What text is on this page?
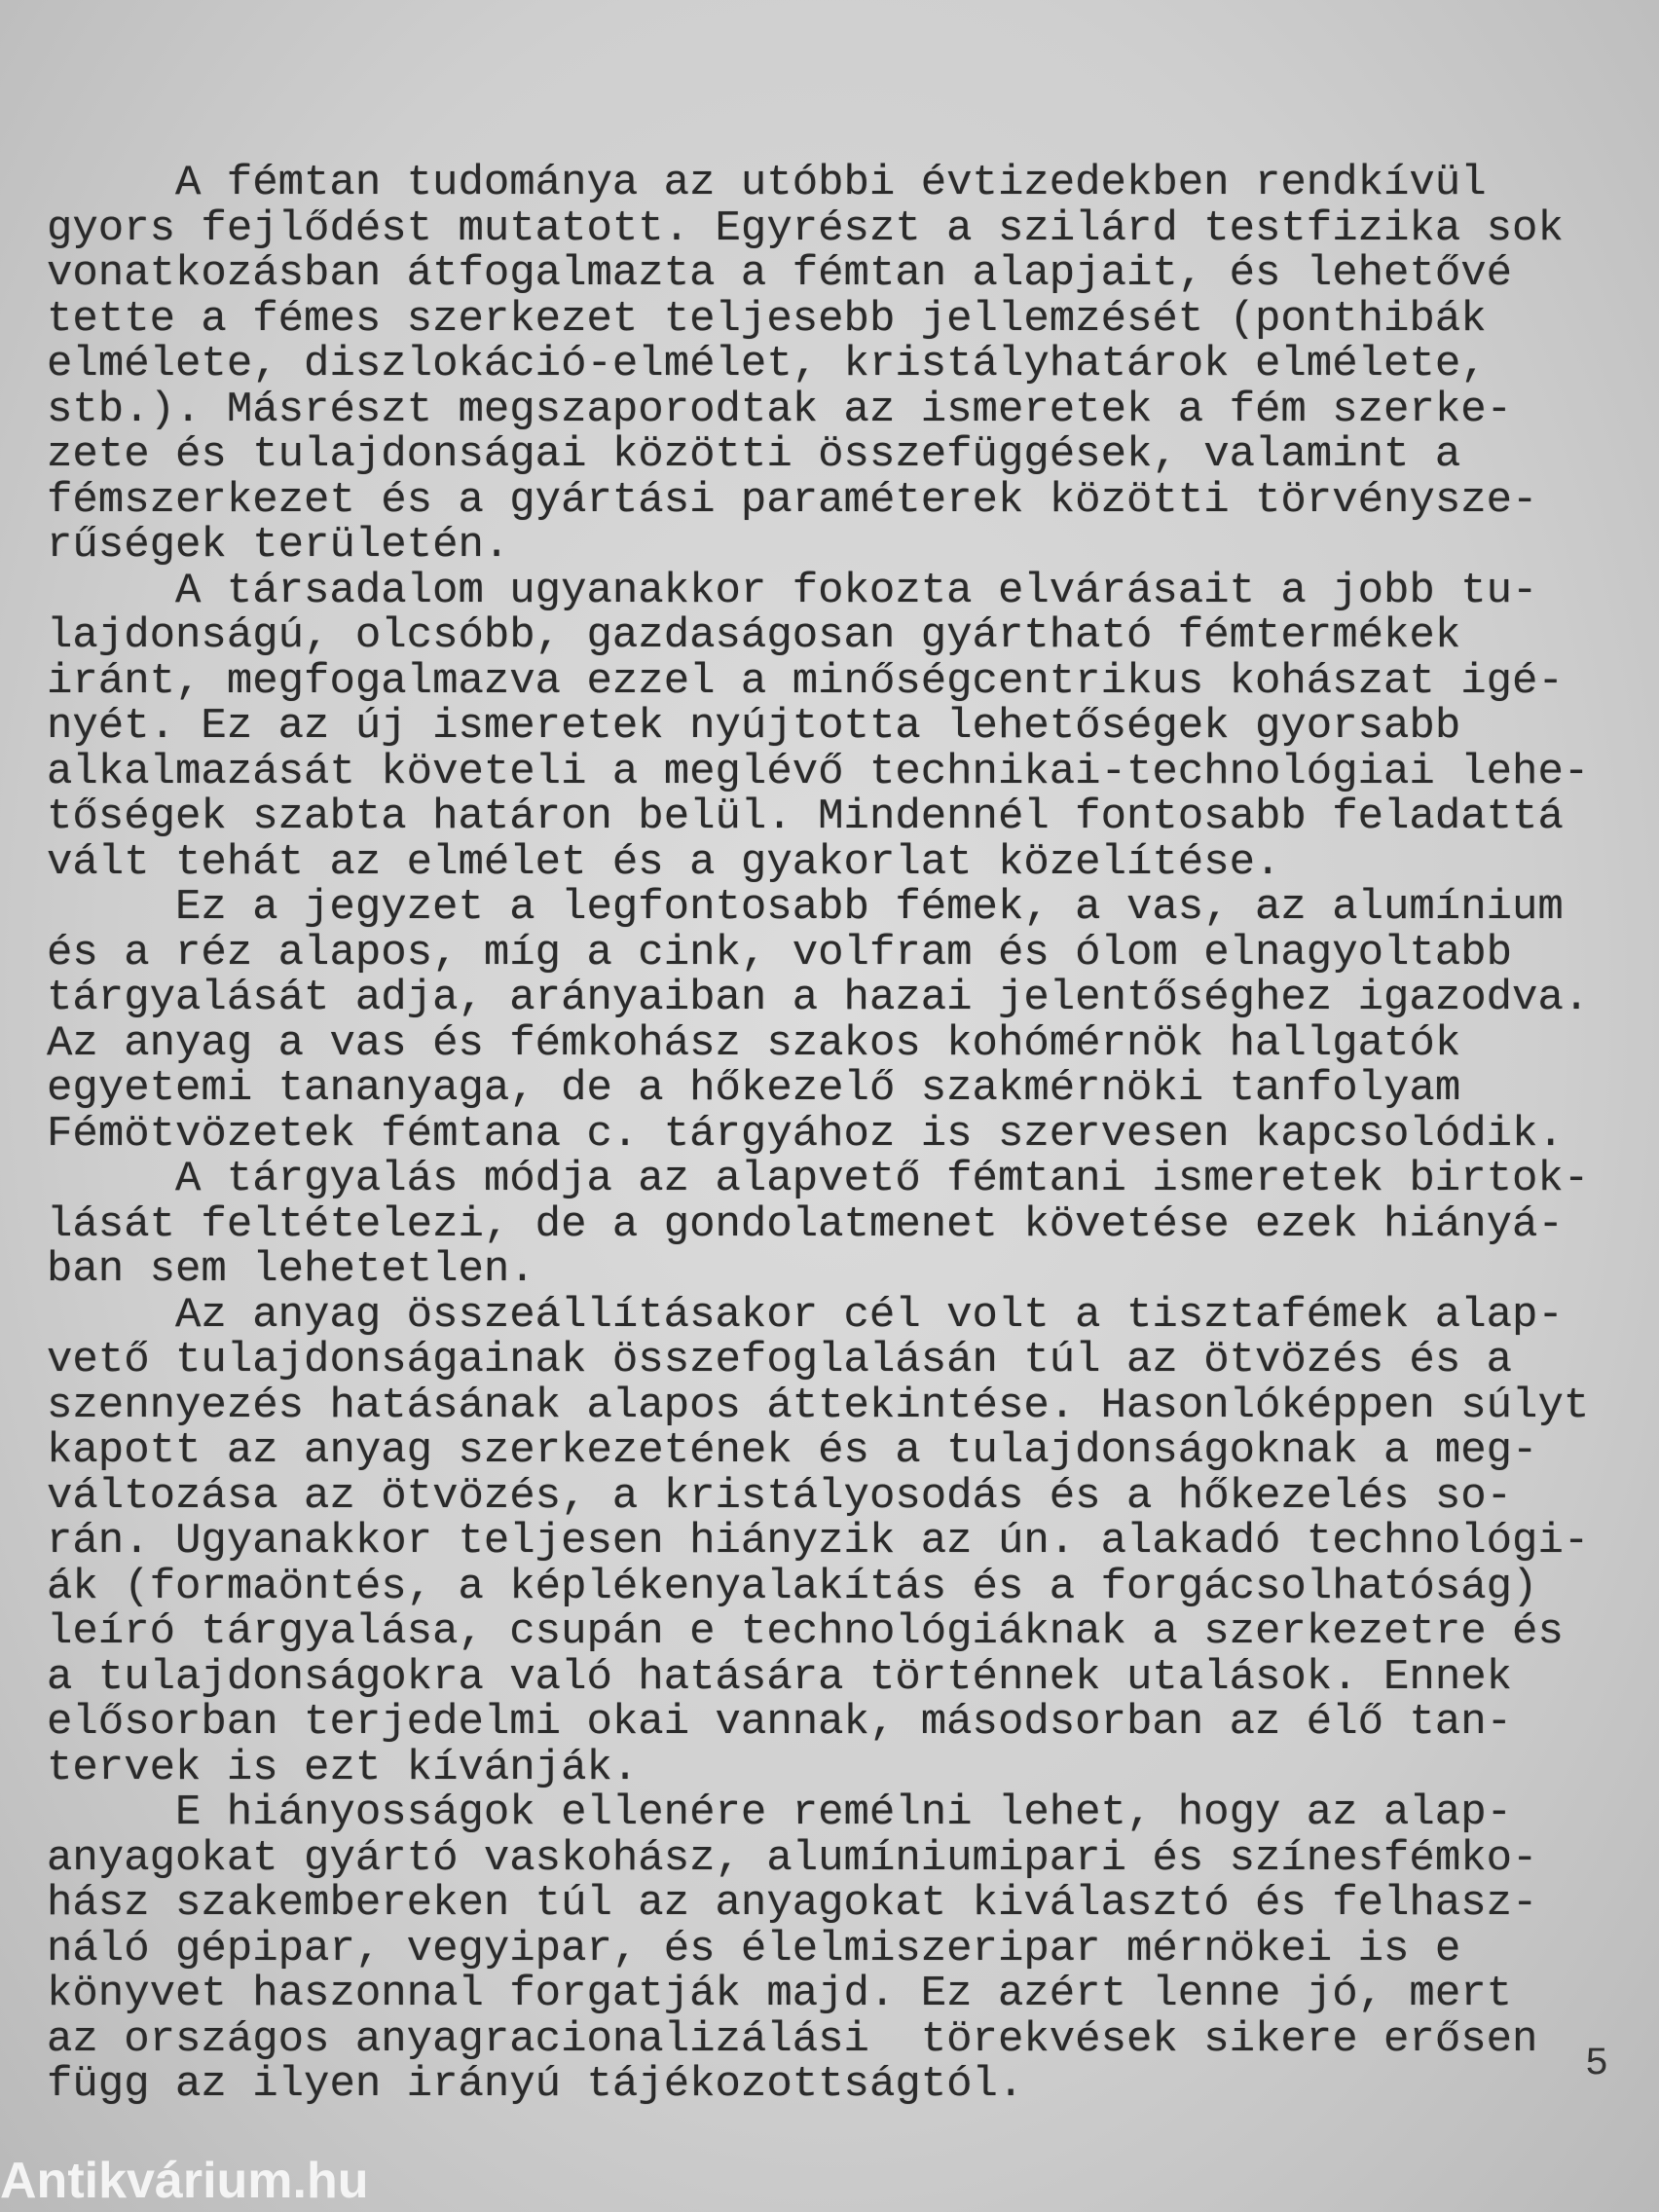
A fémtan tudománya az utóbbi évtizedekben rendkívül
gyors fejlődést mutatott. Egyrészt a szilárd testfizika sok
vonatkozásban átfogalmazta a fémtan alapjait, és lehetővé
tette a fémes szerkezet teljesebb jellemzését (ponthibák
elmélete, diszlokáció-elmélet, kristályhatárok elmélete,
stb.). Másrészt megszaporodtak az ismeretek a fém szerke-
zete és tulajdonságai közötti összefüggések, valamint a
fémszerkezet és a gyártási paraméterek közötti törvénysze-
rűségek területén.
A társadalom ugyanakkor fokozta elvárásait a jobb tu-
lajdonságú, olcsóbb, gazdaságosan gyártható fémtermékek
iránt, megfogalmazva ezzel a minőségcentrikus kohászat igé-
nyét. Ez az új ismeretek nyújtotta lehetőségek gyorsabb
alkalmazását követeli a meglévő technikai-technológiai lehe-
tőségek szabta határon belül. Mindennél fontosabb feladattá
vált tehát az elmélet és a gyakorlat közelítése.
Ez a jegyzet a legfontosabb fémek, a vas, az alumínium
és a réz alapos, míg a cink, volfram és ólom elnagyoltabb
tárgyalását adja, arányaiban a hazai jelentőséghez igazodva.
Az anyag a vas és fémkohász szakos kohómérnök hallgatók
egyetemi tananyaga, de a hőkezelő szakmérnöki tanfolyam
Fémötvözetek fémtana c. tárgyához is szervesen kapcsolódik.
A tárgyalás módja az alapvető fémtani ismeretek birtok-
lását feltételezi, de a gondolatmenet követése ezek hiányá-
ban sem lehetetlen.
Az anyag összeállításakor cél volt a tisztafémek alap-
vető tulajdonságainak összefoglalásán túl az ötvözés és a
szennyezés hatásának alapos áttekintése. Hasonlóképpen súlyt
kapott az anyag szerkezetének és a tulajdonságoknak a meg-
változása az ötvözés, a kristályosodás és a hőkezelés so-
rán. Ugyanakkor teljesen hiányzik az ún. alakadó technológi-
ák (formaöntés, a képlékenyalakítás és a forgácsolhatóság)
leíró tárgyalása, csupán e technológiáknak a szerkezetre és
a tulajdonságokra való hatására történnek utalások. Ennek
elősorban terjedelmi okai vannak, másodsorban az élő tan-
tervek is ezt kívánják.
E hiányosságok ellenére remélni lehet, hogy az alap-
anyagokat gyártó vaskohász, alumíniumipari és színesfémko-
hász szakembereken túl az anyagokat kiválasztó és felhasz-
náló gépipar, vegyipar, és élelmiszeripar mérnökei is e
könyvet haszonnal forgatják majd. Ez azért lenne jó, mert
az országos anyagracionalizálási  törekvések sikere erősen
függ az ilyen irányú tájékozottságtól.	5
Antikvárium.hu
